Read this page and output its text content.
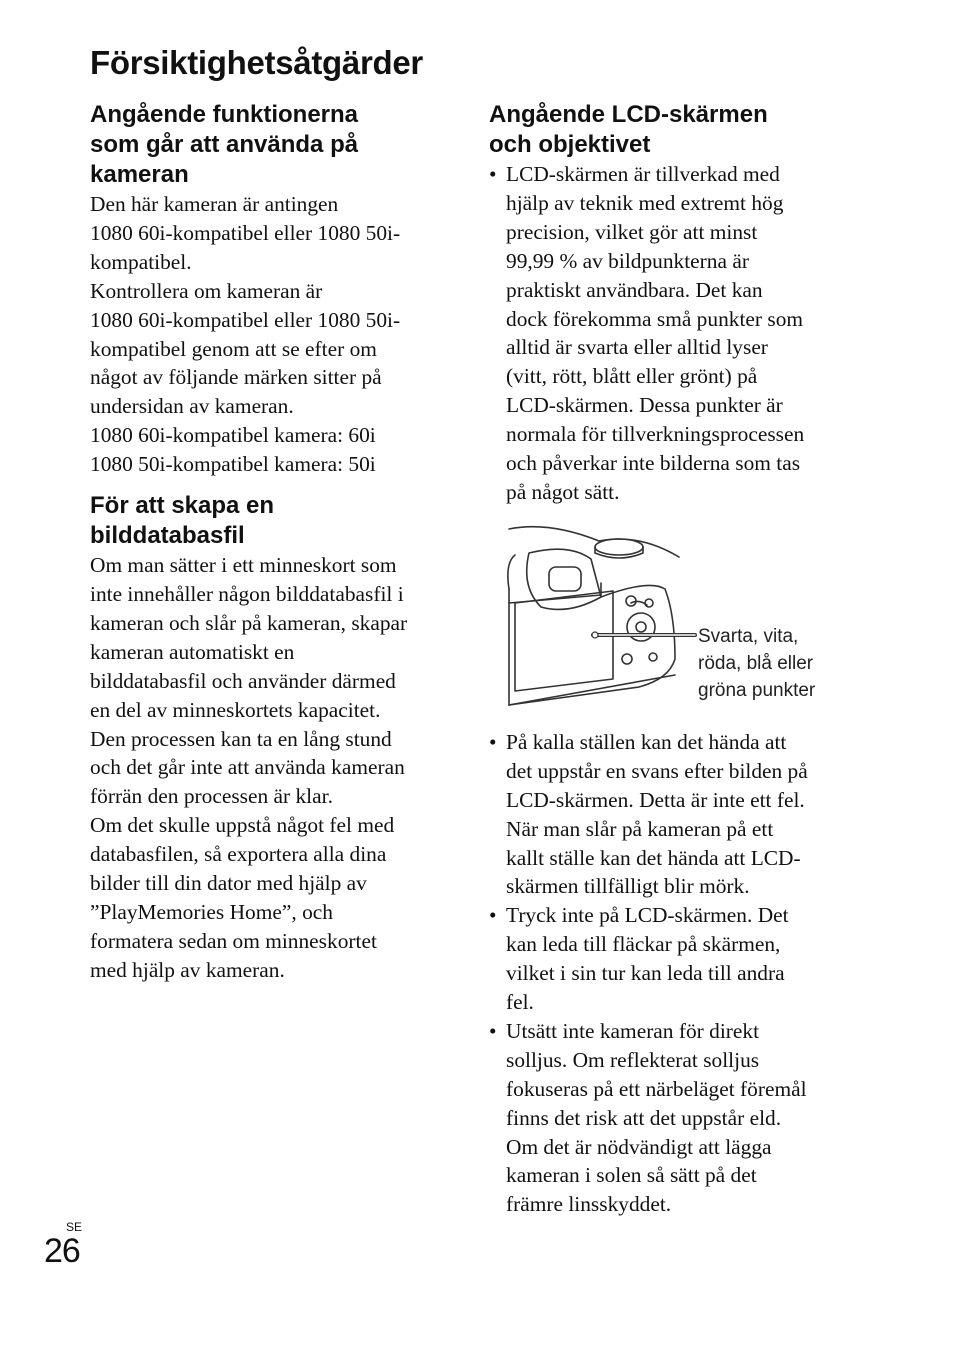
Försiktighetsåtgärder
Angående funktionerna
som går att använda på
kameran

Den här kameran är antingen
1080 60i-kompatibel eller 1080 50i-
kompatibel.

Kontrollera om kameran är
1080 60i-kompatibel eller 1080 50i-
kompatibel genom att se efter om
något av följande märken sitter på
undersidan av kameran.

1080 60i-kompatibel kamera: 60i
1080 50i-kompatibel kamera: 50i

För att skapa en
bilddatabasfil

Om man sätter i ett minneskort som
inte innehåller någon bilddatabasfil i
kameran och slår på kameran, skapar
kameran automatiskt en
bilddatabasfil och använder därmed
en del av minneskortets kapacitet.
Den processen kan ta en lång stund
och det går inte att använda kameran
förrän den processen är klar.

Om det skulle uppstå något fel med
databasfilen, så exportera alla dina
bilder till din dator med hjälp av
”PlayMemories Home”, och
formatera sedan om minneskortet
med hjälp av kameran.

Angående LCD-skärmen
och objektivet
• LCD-skärmen är tillverkad med
hjälp av teknik med extremt hög
precision, vilket gör att minst
99,99 % av bildpunkterna är
praktiskt användbara. Det kan
dock förekomma små punkter som
alltid är svarta eller alltid lyser
(vitt, rött, blått eller grönt) på
LCD-skärmen. Dessa punkter är
normala för tillverkningsprocessen
och påverkar inte bilderna som tas
på något sätt.
Svarta, vita,
röda, blå eller
gröna punkter
• På kalla ställen kan det hända att
det uppstår en svans efter bilden på
LCD-skärmen. Detta är inte ett fel.
När man slår på kameran på ett
kallt ställe kan det hända att LCD-
skärmen tillfälligt blir mörk.
• Tryck inte på LCD-skärmen. Det
kan leda till fläckar på skärmen,
vilket i sin tur kan leda till andra
fel.
• Utsätt inte kameran för direkt
solljus. Om reflekterat solljus
fokuseras på ett närbeläget föremål
finns det risk att det uppstår eld.
Om det är nödvändigt att lägga
kameran i solen så sätt på det
främre linsskyddet.
SE
26
